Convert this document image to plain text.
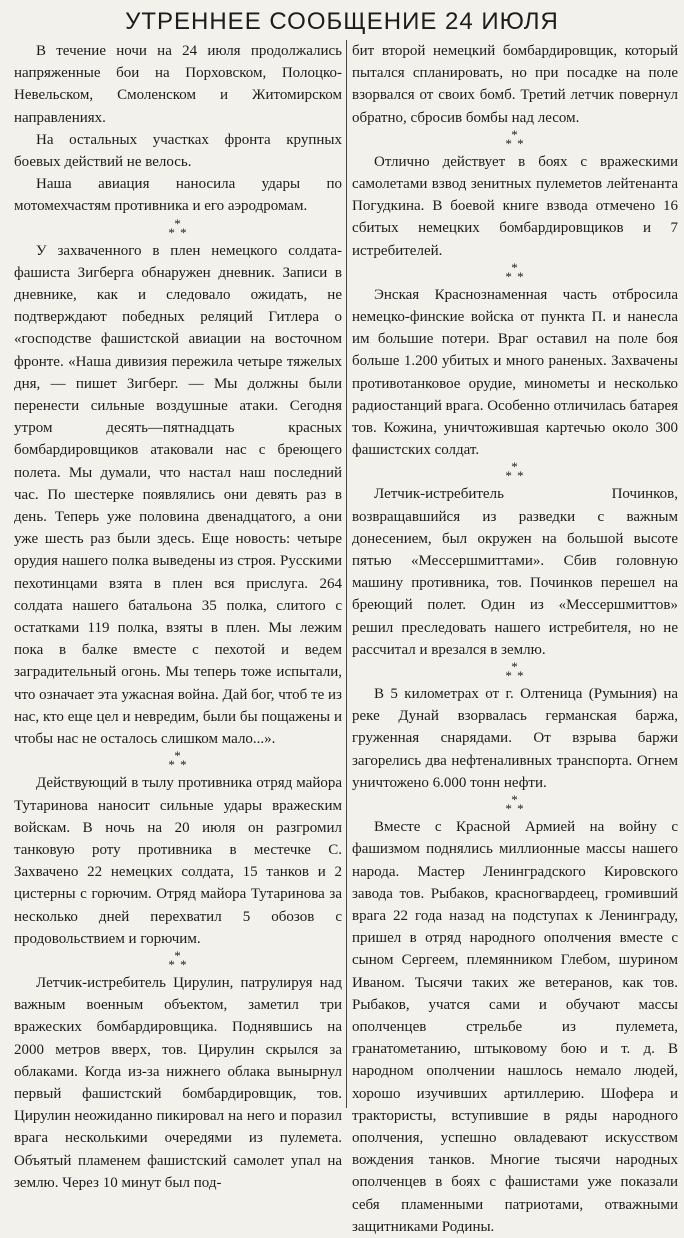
УТРЕННЕЕ СООБЩЕНИЕ 24 ИЮЛЯ

В течение ночи на 24 июля продолжались напряженные бои на Порховском, Полоцко-Невельском, Смоленском и Житомирском направлениях.

На остальных участках фронта крупных боевых действий не велось.

Наша авиация наносила удары по мотомехчастям противника и его аэродромам.

*
* *

У захваченного в плен немецкого солдата-фашиста Зигберга обнаружен дневник. Записи в дневнике, как и следовало ожидать, не подтверждают победных реляций Гитлера о «господстве фашистской авиации на восточном фронте. «Наша дивизия пережила четыре тяжелых дня, — пишет Зигберг. — Мы должны были перенести сильные воздушные атаки. Сегодня утром десять—пятнадцать красных бомбардировщиков атаковали нас с бреющего полета. Мы думали, что настал наш последний час. По шестерке появлялись они девять раз в день. Теперь уже половина двенадцатого, а они уже шесть раз были здесь. Еще новость: четыре орудия нашего полка выведены из строя. Русскими пехотинцами взята в плен вся прислуга. 264 солдата нашего батальона 35 полка, слитого с остатками 119 полка, взяты в плен. Мы лежим пока в балке вместе с пехотой и ведем заградительный огонь. Мы теперь тоже испытали, что означает эта ужасная война. Дай бог, чтоб те из нас, кто еще цел и невредим, были бы пощажены и чтобы нас не осталось слишком мало...».

*
* *

Действующий в тылу противника отряд майора Тутаринова наносит сильные удары вражеским войскам. В ночь на 20 июля он разгромил танковую роту противника в местечке С. Захвачено 22 немецких солдата, 15 танков и 2 цистерны с горючим. Отряд майора Тутаринова за несколько дней перехватил 5 обозов с продовольствием и горючим.

*
* *

Летчик-истребитель Цирулин, патрулируя над важным военным объектом, заметил три вражеских бомбардировщика. Поднявшись на 2000 метров вверх, тов. Цирулин скрылся за облаками. Когда из-за нижнего облака вынырнул первый фашистский бомбардировщик, тов. Цирулин неожиданно пикировал на него и поразил врага несколькими очередями из пулемета. Объятый пламенем фашистский самолет упал на землю. Через 10 минут был под-

бит второй немецкий бомбардировщик, который пытался спланировать, но при посадке на поле взорвался от своих бомб. Третий летчик повернул обратно, сбросив бомбы над лесом.

*
* *

Отлично действует в боях с вражескими самолетами взвод зенитных пулеметов лейтенанта Погудкина. В боевой книге взвода отмечено 16 сбитых немецких бомбардировщиков и 7 истребителей.

*
* *

Энская Краснознаменная часть отбросила немецко-финские войска от пункта П. и нанесла им большие потери. Враг оставил на поле боя больше 1.200 убитых и много раненых. Захвачены противотанковое орудие, минометы и несколько радиостанций врага. Особенно отличилась батарея тов. Кожина, уничтожившая картечью около 300 фашистских солдат.

*
* *

Летчик-истребитель Починков, возвращавшийся из разведки с важным донесением, был окружен на большой высоте пятью «Мессершмиттами». Сбив головную машину противника, тов. Починков перешел на бреющий полет. Один из «Мессершмиттов» решил преследовать нашего истребителя, но не рассчитал и врезался в землю.

*
* *

В 5 километрах от г. Олтеница (Румыния) на реке Дунай взорвалась германская баржа, груженная снарядами. От взрыва баржи загорелись два нефтеналивных транспорта. Огнем уничтожено 6.000 тонн нефти.

*
* *

Вместе с Красной Армией на войну с фашизмом поднялись миллионные массы нашего народа. Мастер Ленинградского Кировского завода тов. Рыбаков, красногвардеец, громивший врага 22 года назад на подступах к Ленинграду, пришел в отряд народного ополчения вместе с сыном Сергеем, племянником Глебом, шурином Иваном. Тысячи таких же ветеранов, как тов. Рыбаков, учатся сами и обучают массы ополченцев стрельбе из пулемета, гранатометанию, штыковому бою и т. д. В народном ополчении нашлось немало людей, хорошо изучивших артиллерию. Шофера и трактористы, вступившие в ряды народного ополчения, успешно овладевают искусством вождения танков. Многие тысячи народных ополченцев в боях с фашистами уже показали себя пламенными патриотами, отважными защитниками Родины.
